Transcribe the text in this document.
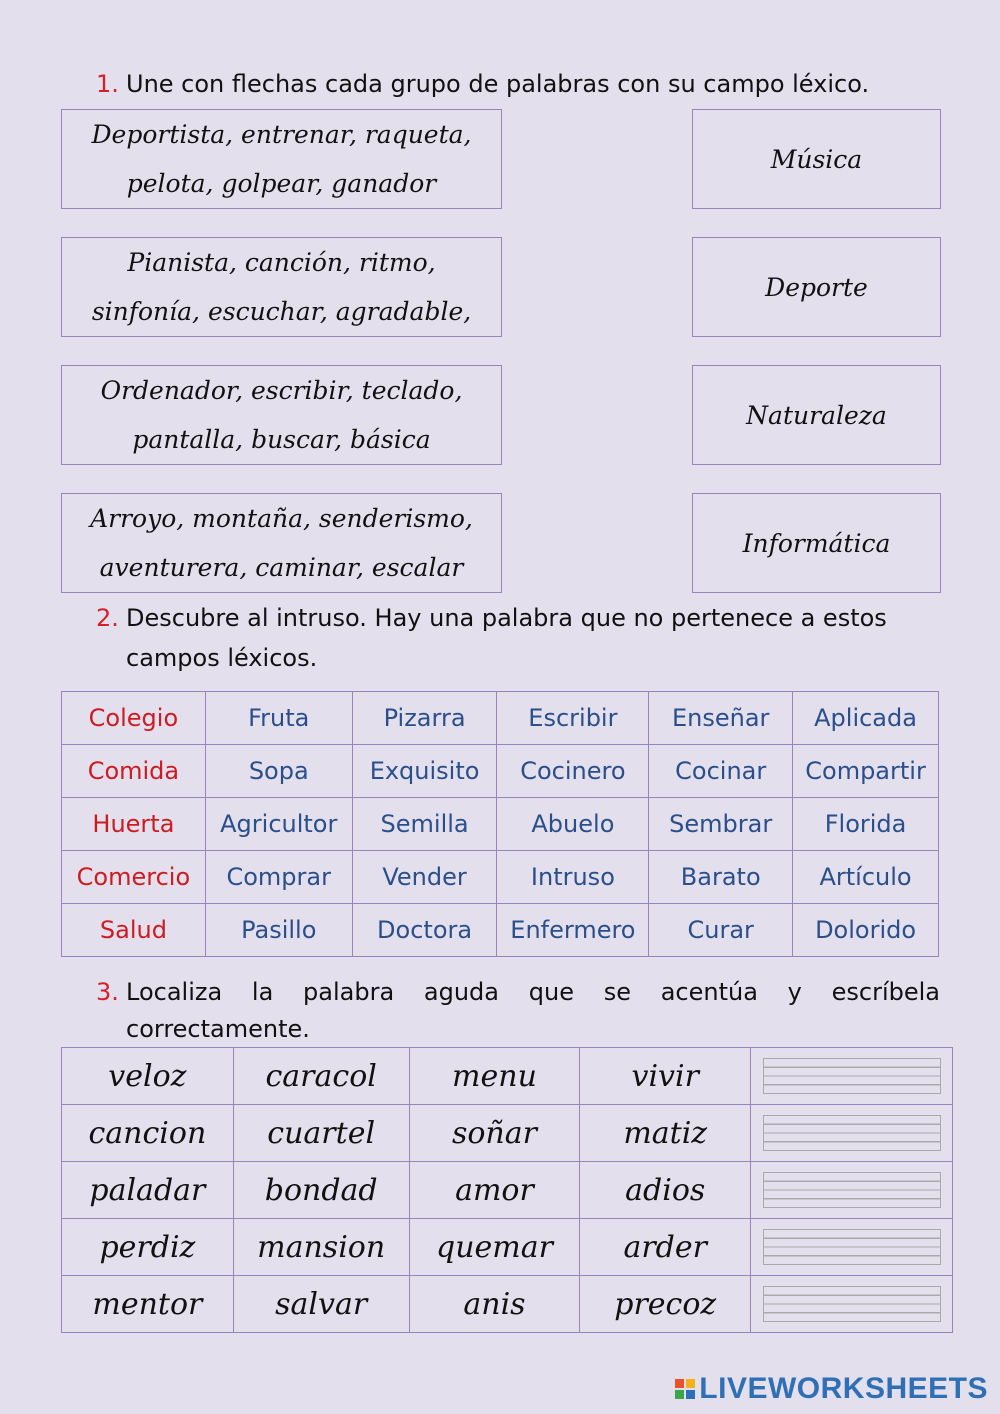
1. Une con flechas cada grupo de palabras con su campo léxico.
Deportista, entrenar, raqueta,
pelota, golpear, ganador
Pianista, canción, ritmo,
sinfonía, escuchar, agradable,
Ordenador, escribir, teclado,
pantalla, buscar, básica
Arroyo, montaña, senderismo,
aventurera, caminar, escalar
Música
Deporte
Naturaleza
Informática
2. Descubre al intruso. Hay una palabra que no pertenece a estos
campos léxicos.
Colegio	Fruta	Pizarra	Escribir	Enseñar	Aplicada
Comida	Sopa	Exquisito	Cocinero	Cocinar	Compartir
Huerta	Agricultor	Semilla	Abuelo	Sembrar	Florida
Comercio	Comprar	Vender	Intruso	Barato	Artículo
Salud	Pasillo	Doctora	Enfermero	Curar	Dolorido
3. Localiza la palabra aguda que se acentúa y escríbela
correctamente.
veloz	caracol	menu	vivir	

cancion	cuartel	soñar	matiz	

paladar	bondad	amor	adios	

perdiz	mansion	quemar	arder	

mentor	salvar	anis	precoz	
LIVEWORKSHEETS
